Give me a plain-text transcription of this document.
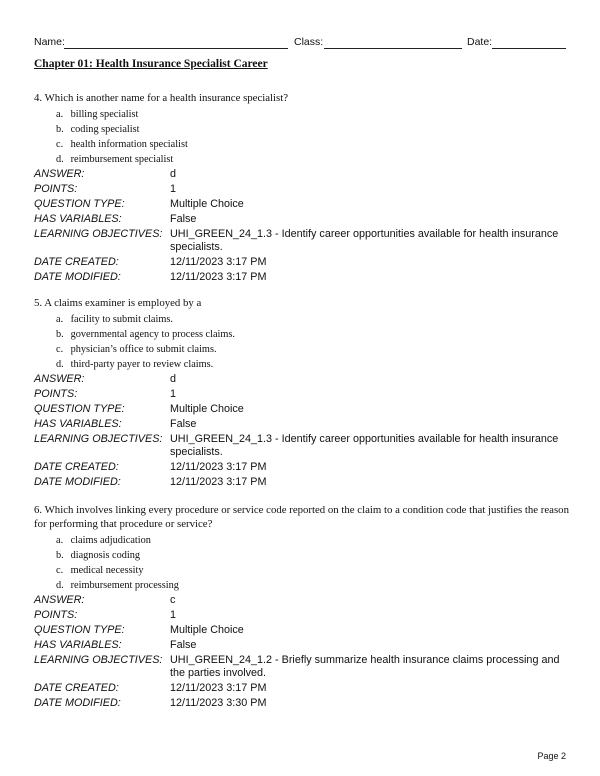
Name:	Class:	Date:
Chapter 01: Health Insurance Specialist Career
4. Which is another name for a health insurance specialist?
a. billing specialist
b. coding specialist
c. health information specialist
d. reimbursement specialist
ANSWER:	d
POINTS:	1
QUESTION TYPE:	Multiple Choice
HAS VARIABLES:	False
LEARNING OBJECTIVES: UHI_GREEN_24_1.3 - Identify career opportunities available for health insurance specialists.
DATE CREATED:	12/11/2023 3:17 PM
DATE MODIFIED:	12/11/2023 3:17 PM
5. A claims examiner is employed by a
a. facility to submit claims.
b. governmental agency to process claims.
c. physician’s office to submit claims.
d. third-party payer to review claims.
ANSWER:	d
POINTS:	1
QUESTION TYPE:	Multiple Choice
HAS VARIABLES:	False
LEARNING OBJECTIVES: UHI_GREEN_24_1.3 - Identify career opportunities available for health insurance specialists.
DATE CREATED:	12/11/2023 3:17 PM
DATE MODIFIED:	12/11/2023 3:17 PM
6. Which involves linking every procedure or service code reported on the claim to a condition code that justifies the reason for performing that procedure or service?
a. claims adjudication
b. diagnosis coding
c. medical necessity
d. reimbursement processing
ANSWER:	c
POINTS:	1
QUESTION TYPE:	Multiple Choice
HAS VARIABLES:	False
LEARNING OBJECTIVES: UHI_GREEN_24_1.2 - Briefly summarize health insurance claims processing and the parties involved.
DATE CREATED:	12/11/2023 3:17 PM
DATE MODIFIED:	12/11/2023 3:30 PM
Page 2
